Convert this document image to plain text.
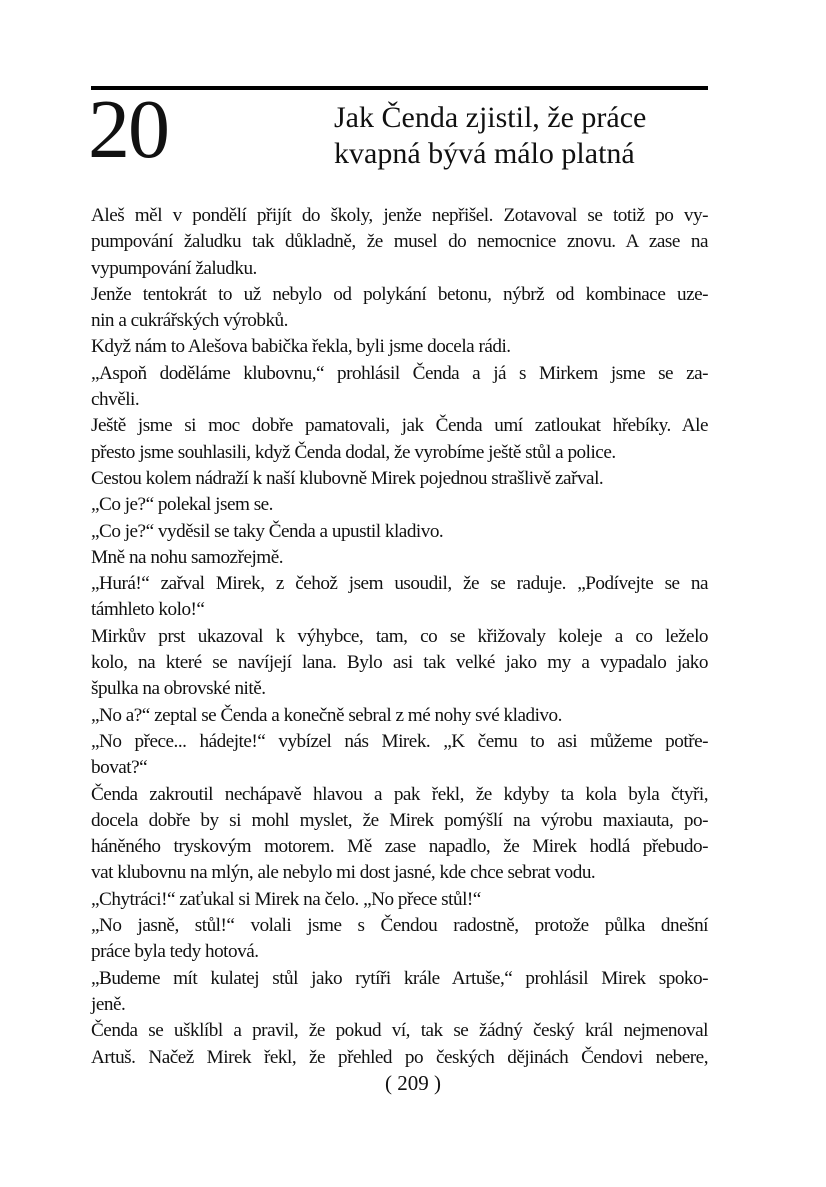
20	Jak Čenda zjistil, že práce
kvapná bývá málo platná
Aleš měl v pondělí přijít do školy, jenže nepřišel. Zotavoval se totiž po vy-
pumpování žaludku tak důkladně, že musel do nemocnice znovu. A zase na
vypumpování žaludku.
Jenže tentokrát to už nebylo od polykání betonu, nýbrž od kombinace uze-
nin a cukrářských výrobků.
Když nám to Alešova babička řekla, byli jsme docela rádi.
„Aspoň doděláme klubovnu,“ prohlásil Čenda a já s Mirkem jsme se za-
chvěli.
Ještě jsme si moc dobře pamatovali, jak Čenda umí zatloukat hřebíky. Ale
přesto jsme souhlasili, když Čenda dodal, že vyrobíme ještě stůl a police.
Cestou kolem nádraží k naší klubovně Mirek pojednou strašlivě zařval.
„Co je?“ polekal jsem se.
„Co je?“ vyděsil se taky Čenda a upustil kladivo.
Mně na nohu samozřejmě.
„Hurá!“ zařval Mirek, z čehož jsem usoudil, že se raduje. „Podívejte se na
támhleto kolo!“
Mirkův prst ukazoval k výhybce, tam, co se křižovaly koleje a co leželo
kolo, na které se navíjejí lana. Bylo asi tak velké jako my a vypadalo jako
špulka na obrovské nitě.
„No a?“ zeptal se Čenda a konečně sebral z mé nohy své kladivo.
„No přece... hádejte!“ vybízel nás Mirek. „K čemu to asi můžeme potře-
bovat?“
Čenda zakroutil nechápavě hlavou a pak řekl, že kdyby ta kola byla čtyři,
docela dobře by si mohl myslet, že Mirek pomýšlí na výrobu maxiauta, po-
háněného tryskovým motorem. Mě zase napadlo, že Mirek hodlá přebudo-
vat klubovnu na mlýn, ale nebylo mi dost jasné, kde chce sebrat vodu.
„Chytráci!“ zaťukal si Mirek na čelo. „No přece stůl!“
„No jasně, stůl!“ volali jsme s Čendou radostně, protože půlka dnešní
práce byla tedy hotová.
„Budeme mít kulatej stůl jako rytíři krále Artuše,“ prohlásil Mirek spoko-
jeně.
Čenda se ušklíbl a pravil, že pokud ví, tak se žádný český král nejmenoval
Artuš. Načež Mirek řekl, že přehled po českých dějinách Čendovi nebere,
( 209 )
